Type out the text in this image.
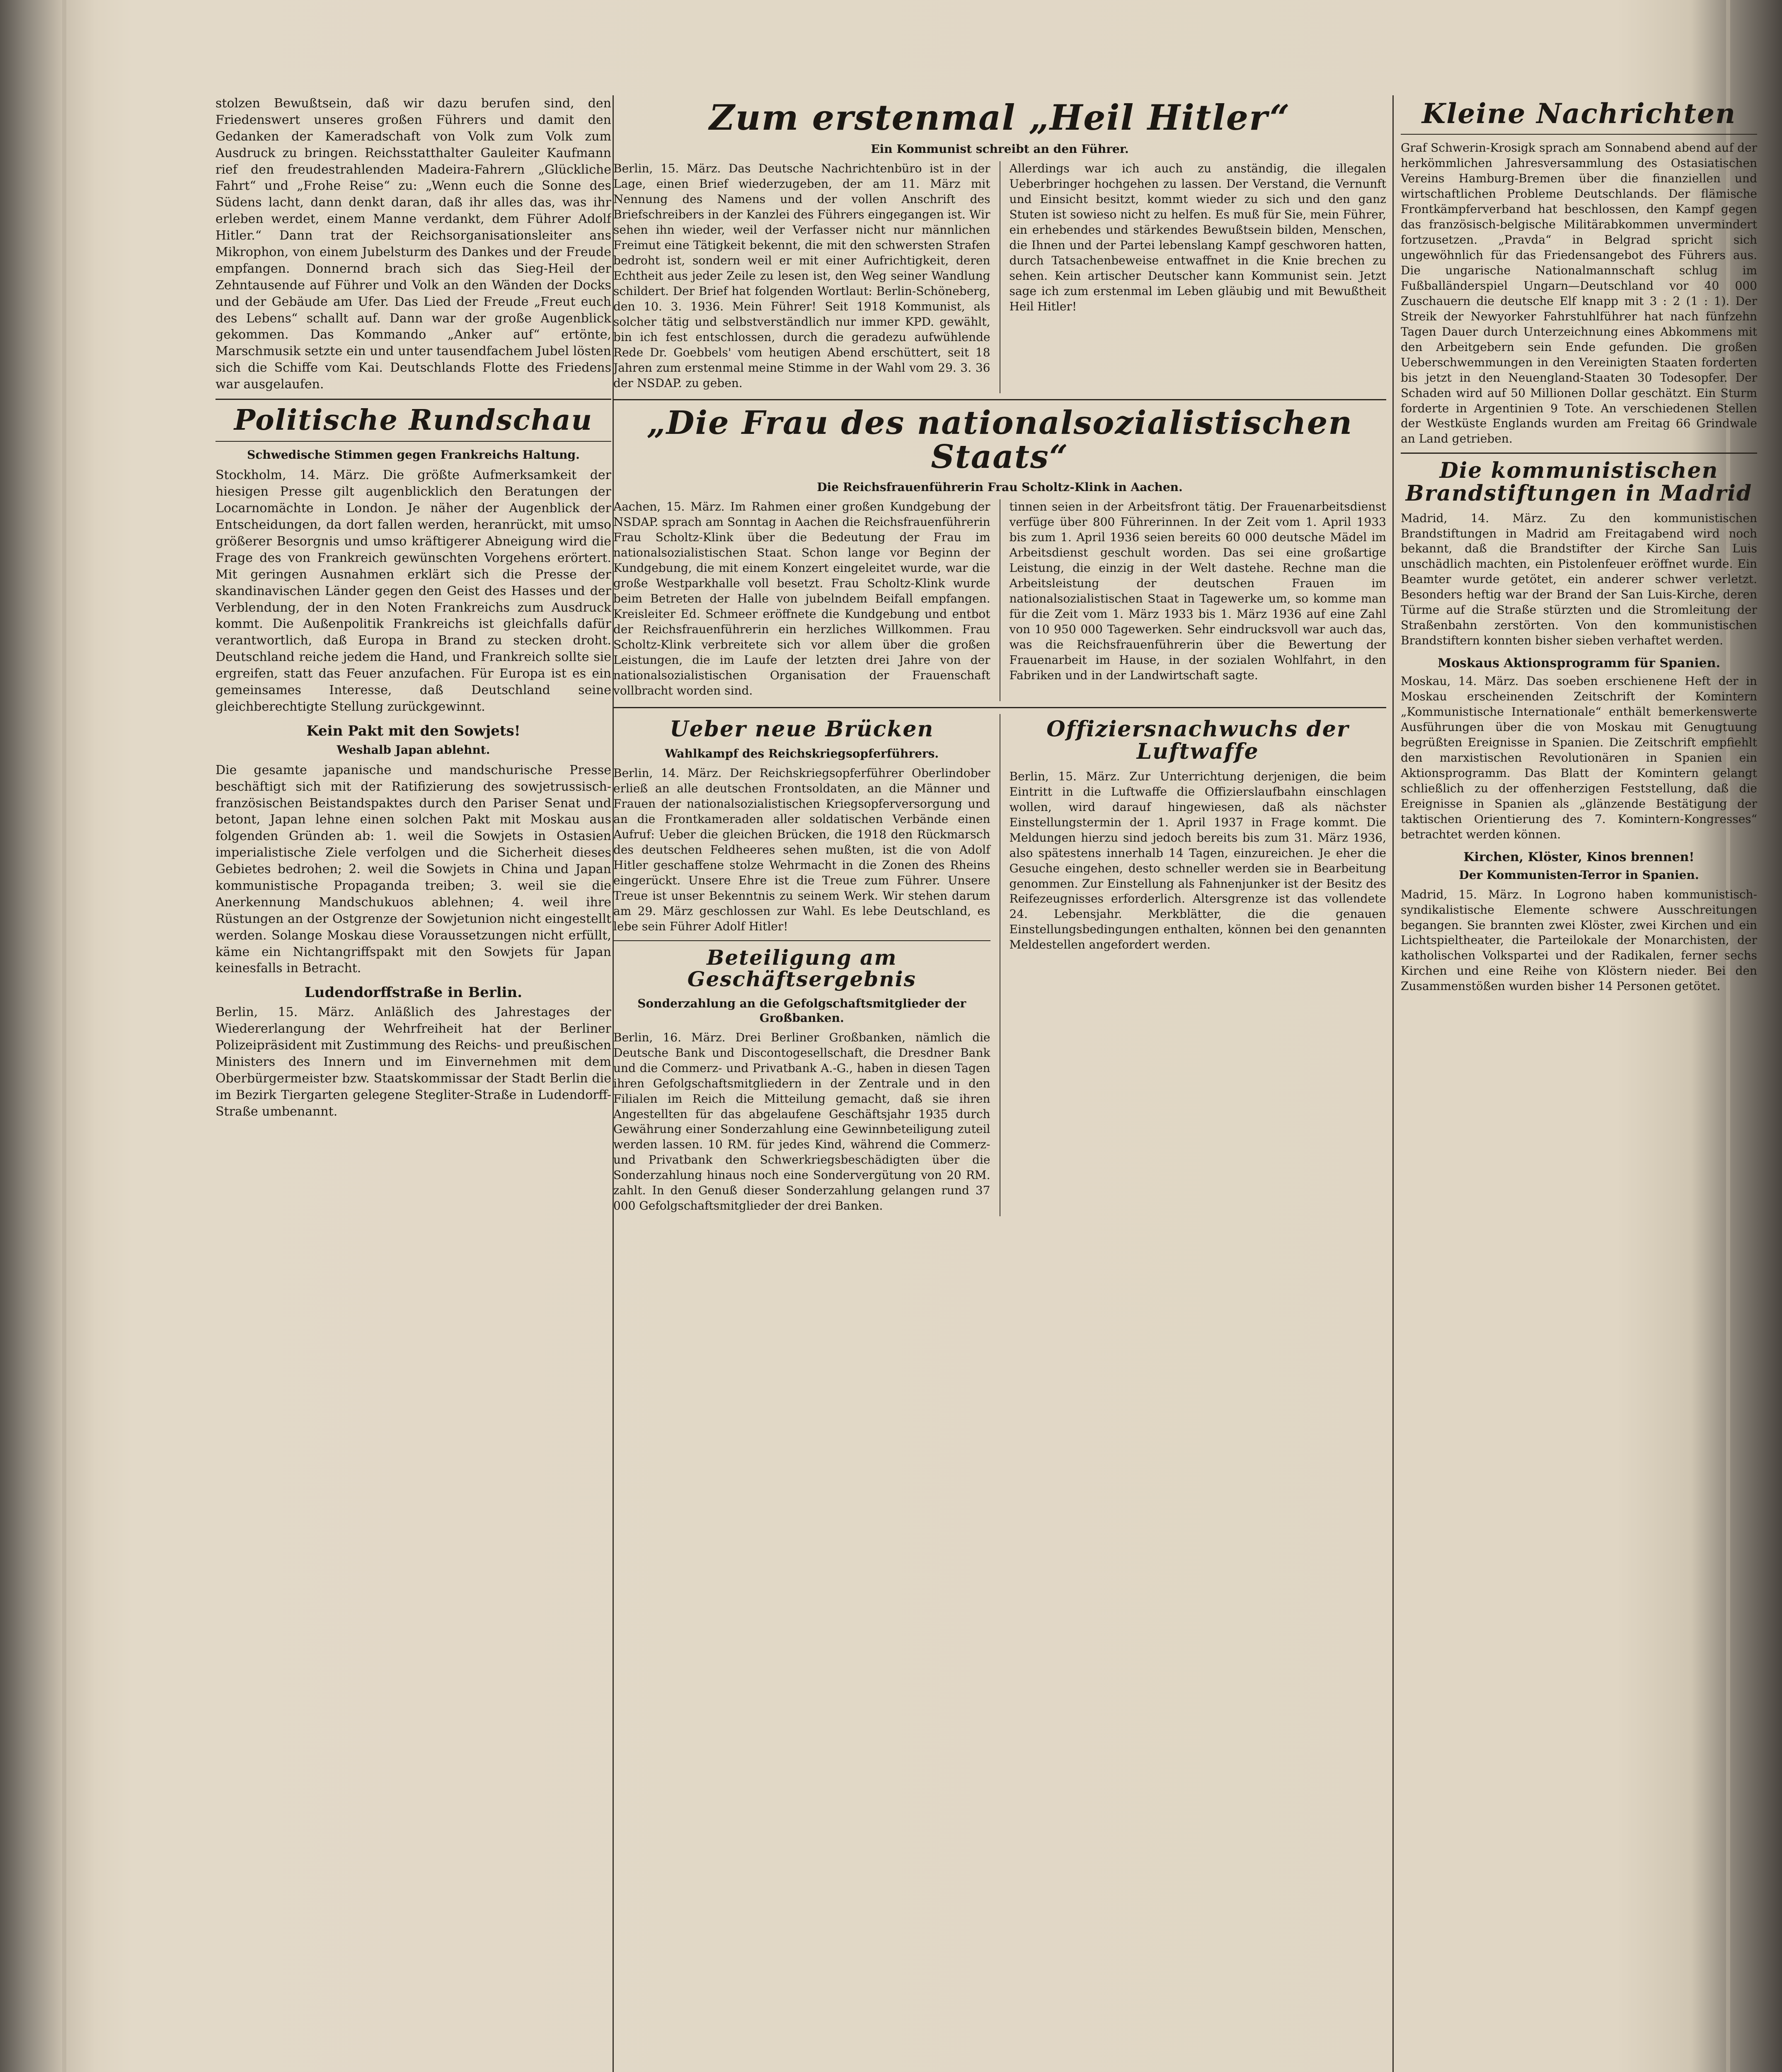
stolzen Bewußtsein, daß wir dazu berufen sind, den Friedenswert unseres großen Führers und damit den Gedanken der Kameradschaft von Volk zum Volk zum Ausdruck zu bringen. Reichsstatthalter Gauleiter Kaufmann rief den freudestrahlenden Madeira-Fahrern „Glückliche Fahrt“ und „Frohe Reise“ zu: „Wenn euch die Sonne des Südens lacht, dann denkt daran, daß ihr alles das, was ihr erleben werdet, einem Manne verdankt, dem Führer Adolf Hitler.“ Dann trat der Reichsorganisationsleiter ans Mikrophon, von einem Jubelsturm des Dankes und der Freude empfangen. Donnernd brach sich das Sieg-Heil der Zehntausende auf Führer und Volk an den Wänden der Docks und der Gebäude am Ufer. Das Lied der Freude „Freut euch des Lebens“ schallt auf. Dann war der große Augenblick gekommen. Das Kommando „Anker auf“ ertönte, Marschmusik setzte ein und unter tausendfachem Jubel lösten sich die Schiffe vom Kai. Deutschlands Flotte des Friedens war ausgelaufen.

Politische Rundschau
Schwedische Stimmen gegen Frankreichs Haltung.

Stockholm, 14. März. Die größte Aufmerksamkeit der hiesigen Presse gilt augenblicklich den Beratungen der Locarnomächte in London. Je näher der Augenblick der Entscheidungen, da dort fallen werden, heranrückt, mit umso größerer Besorgnis und umso kräftigerer Abneigung wird die Frage des von Frankreich gewünschten Vorgehens erörtert. Mit geringen Ausnahmen erklärt sich die Presse der skandinavischen Länder gegen den Geist des Hasses und der Verblendung, der in den Noten Frankreichs zum Ausdruck kommt. Die Außenpolitik Frankreichs ist gleichfalls dafür verantwortlich, daß Europa in Brand zu stecken droht. Deutschland reiche jedem die Hand, und Frankreich sollte sie ergreifen, statt das Feuer anzufachen. Für Europa ist es ein gemeinsames Interesse, daß Deutschland seine gleichberechtigte Stellung zurückgewinnt.

Kein Pakt mit den Sowjets!
Weshalb Japan ablehnt.

Die gesamte japanische und mandschurische Presse beschäftigt sich mit der Ratifizierung des sowjetrussisch-französischen Beistandspaktes durch den Pariser Senat und betont, Japan lehne einen solchen Pakt mit Moskau aus folgenden Gründen ab: 1. weil die Sowjets in Ostasien imperialistische Ziele verfolgen und die Sicherheit dieses Gebietes bedrohen; 2. weil die Sowjets in China und Japan kommunistische Propaganda treiben; 3. weil sie die Anerkennung Mandschukuos ablehnen; 4. weil ihre Rüstungen an der Ostgrenze der Sowjetunion nicht eingestellt werden. Solange Moskau diese Voraussetzungen nicht erfüllt, käme ein Nichtangriffspakt mit den Sowjets für Japan keinesfalls in Betracht.

Ludendorffstraße in Berlin.

Berlin, 15. März. Anläßlich des Jahrestages der Wiedererlangung der Wehrfreiheit hat der Berliner Polizeipräsident mit Zustimmung des Reichs- und preußischen Ministers des Innern und im Einvernehmen mit dem Oberbürgermeister bzw. Staatskommissar der Stadt Berlin die im Bezirk Tiergarten gelegene Stegliter-Straße in Ludendorff-Straße umbenannt.

Zum erstenmal „Heil Hitler“
Ein Kommunist schreibt an den Führer.

Berlin, 15. März. Das Deutsche Nachrichtenbüro ist in der Lage, einen Brief wiederzugeben, der am 11. März mit Nennung des Namens und der vollen Anschrift des Briefschreibers in der Kanzlei des Führers eingegangen ist. Wir sehen ihn wieder, weil der Verfasser nicht nur männlichen Freimut eine Tätigkeit bekennt, die mit den schwersten Strafen bedroht ist, sondern weil er mit einer Aufrichtigkeit, deren Echtheit aus jeder Zeile zu lesen ist, den Weg seiner Wandlung schildert. Der Brief hat folgenden Wortlaut: Berlin-Schöneberg, den 10. 3. 1936. Mein Führer! Seit 1918 Kommunist, als solcher tätig und selbstverständlich nur immer KPD. gewählt, bin ich fest entschlossen, durch die geradezu aufwühlende Rede Dr. Goebbels' vom heutigen Abend erschüttert, seit 18 Jahren zum erstenmal meine Stimme in der Wahl vom 29. 3. 36 der NSDAP. zu geben.

Allerdings war ich auch zu anständig, die illegalen Ueberbringer hochgehen zu lassen. Der Verstand, die Vernunft und Einsicht besitzt, kommt wieder zu sich und den ganz Stuten ist sowieso nicht zu helfen. Es muß für Sie, mein Führer, ein erhebendes und stärkendes Bewußtsein bilden, Menschen, die Ihnen und der Partei lebenslang Kampf geschworen hatten, durch Tatsachenbeweise entwaffnet in die Knie brechen zu sehen. Kein artischer Deutscher kann Kommunist sein. Jetzt sage ich zum erstenmal im Leben gläubig und mit Bewußtheit Heil Hitler!

„Die Frau des nationalsozialistischen Staats“
Die Reichsfrauenführerin Frau Scholtz-Klink in Aachen.

Aachen, 15. März. Im Rahmen einer großen Kundgebung der NSDAP. sprach am Sonntag in Aachen die Reichsfrauenführerin Frau Scholtz-Klink über die Bedeutung der Frau im nationalsozialistischen Staat. Schon lange vor Beginn der Kundgebung, die mit einem Konzert eingeleitet wurde, war die große Westparkhalle voll besetzt. Frau Scholtz-Klink wurde beim Betreten der Halle von jubelndem Beifall empfangen. Kreisleiter Ed. Schmeer eröffnete die Kundgebung und entbot der Reichsfrauenführerin ein herzliches Willkommen. Frau Scholtz-Klink verbreitete sich vor allem über die großen Leistungen, die im Laufe der letzten drei Jahre von der nationalsozialistischen Organisation der Frauenschaft vollbracht worden sind.

tinnen seien in der Arbeitsfront tätig. Der Frauenarbeitsdienst verfüge über 800 Führerinnen. In der Zeit vom 1. April 1933 bis zum 1. April 1936 seien bereits 60 000 deutsche Mädel im Arbeitsdienst geschult worden. Das sei eine großartige Leistung, die einzig in der Welt dastehe. Rechne man die Arbeitsleistung der deutschen Frauen im nationalsozialistischen Staat in Tagewerke um, so komme man für die Zeit vom 1. März 1933 bis 1. März 1936 auf eine Zahl von 10 950 000 Tagewerken. Sehr eindrucksvoll war auch das, was die Reichsfrauenführerin über die Bewertung der Frauenarbeit im Hause, in der sozialen Wohlfahrt, in den Fabriken und in der Landwirtschaft sagte.

Ueber neue Brücken
Wahlkampf des Reichskriegsopferführers.

Berlin, 14. März. Der Reichskriegsopferführer Oberlindober erließ an alle deutschen Frontsoldaten, an die Männer und Frauen der nationalsozialistischen Kriegsopferversorgung und an die Frontkameraden aller soldatischen Verbände einen Aufruf: Ueber die gleichen Brücken, die 1918 den Rückmarsch des deutschen Feldheeres sehen mußten, ist die von Adolf Hitler geschaffene stolze Wehrmacht in die Zonen des Rheins eingerückt. Unsere Ehre ist die Treue zum Führer. Unsere Treue ist unser Bekenntnis zu seinem Werk. Wir stehen darum am 29. März geschlossen zur Wahl. Es lebe Deutschland, es lebe sein Führer Adolf Hitler!

Beteiligung am Geschäftsergebnis
Sonderzahlung an die Gefolgschaftsmitglieder der Großbanken.

Berlin, 16. März. Drei Berliner Großbanken, nämlich die Deutsche Bank und Discontogesellschaft, die Dresdner Bank und die Commerz- und Privatbank A.-G., haben in diesen Tagen ihren Gefolgschaftsmitgliedern in der Zentrale und in den Filialen im Reich die Mitteilung gemacht, daß sie ihren Angestellten für das abgelaufene Geschäftsjahr 1935 durch Gewährung einer Sonderzahlung eine Gewinnbeteiligung zuteil werden lassen. 10 RM. für jedes Kind, während die Commerz- und Privatbank den Schwerkriegsbeschädigten über die Sonderzahlung hinaus noch eine Sondervergütung von 20 RM. zahlt. In den Genuß dieser Sonderzahlung gelangen rund 37 000 Gefolgschaftsmitglieder der drei Banken.

Offiziersnachwuchs der Luftwaffe

Berlin, 15. März. Zur Unterrichtung derjenigen, die beim Eintritt in die Luftwaffe die Offizierslaufbahn einschlagen wollen, wird darauf hingewiesen, daß als nächster Einstellungstermin der 1. April 1937 in Frage kommt. Die Meldungen hierzu sind jedoch bereits bis zum 31. März 1936, also spätestens innerhalb 14 Tagen, einzureichen. Je eher die Gesuche eingehen, desto schneller werden sie in Bearbeitung genommen. Zur Einstellung als Fahnenjunker ist der Besitz des Reifezeugnisses erforderlich. Altersgrenze ist das vollendete 24. Lebensjahr. Merkblätter, die die genauen Einstellungsbedingungen enthalten, können bei den genannten Meldestellen angefordert werden.

Kleine Nachrichten

Graf Schwerin-Krosigk sprach am Sonnabend abend auf der herkömmlichen Jahresversammlung des Ostasiatischen Vereins Hamburg-Bremen über die finanziellen und wirtschaftlichen Probleme Deutschlands. Der flämische Frontkämpferverband hat beschlossen, den Kampf gegen das französisch-belgische Militärabkommen unvermindert fortzusetzen. „Pravda“ in Belgrad spricht sich ungewöhnlich für das Friedensangebot des Führers aus. Die ungarische Nationalmannschaft schlug im Fußballänderspiel Ungarn—Deutschland vor 40 000 Zuschauern die deutsche Elf knapp mit 3 : 2 (1 : 1). Der Streik der Newyorker Fahrstuhlführer hat nach fünfzehn Tagen Dauer durch Unterzeichnung eines Abkommens mit den Arbeitgebern sein Ende gefunden. Die großen Ueberschwemmungen in den Vereinigten Staaten forderten bis jetzt in den Neuengland-Staaten 30 Todesopfer. Der Schaden wird auf 50 Millionen Dollar geschätzt. Ein Sturm forderte in Argentinien 9 Tote. An verschiedenen Stellen der Westküste Englands wurden am Freitag 66 Grindwale an Land getrieben.

Die kommunistischen Brandstiftungen in Madrid

Madrid, 14. März. Zu den kommunistischen Brandstiftungen in Madrid am Freitagabend wird noch bekannt, daß die Brandstifter der Kirche San Luis unschädlich machten, ein Pistolenfeuer eröffnet wurde. Ein Beamter wurde getötet, ein anderer schwer verletzt. Besonders heftig war der Brand der San Luis-Kirche, deren Türme auf die Straße stürzten und die Stromleitung der Straßenbahn zerstörten. Von den kommunistischen Brandstiftern konnten bisher sieben verhaftet werden.

Moskaus Aktionsprogramm für Spanien.

Moskau, 14. März. Das soeben erschienene Heft der in Moskau erscheinenden Zeitschrift der Komintern „Kommunistische Internationale“ enthält bemerkenswerte Ausführungen über die von Moskau mit Genugtuung begrüßten Ereignisse in Spanien. Die Zeitschrift empfiehlt den marxistischen Revolutionären in Spanien ein Aktionsprogramm. Das Blatt der Komintern gelangt schließlich zu der offenherzigen Feststellung, daß die Ereignisse in Spanien als „glänzende Bestätigung der taktischen Orientierung des 7. Komintern-Kongresses“ betrachtet werden können.

Kirchen, Klöster, Kinos brennen!
Der Kommunisten-Terror in Spanien.

Madrid, 15. März. In Logrono haben kommunistisch-syndikalistische Elemente schwere Ausschreitungen begangen. Sie brannten zwei Klöster, zwei Kirchen und ein Lichtspieltheater, die Parteilokale der Monarchisten, der katholischen Volkspartei und der Radikalen, ferner sechs Kirchen und eine Reihe von Klöstern nieder. Bei den Zusammenstößen wurden bisher 14 Personen getötet.
